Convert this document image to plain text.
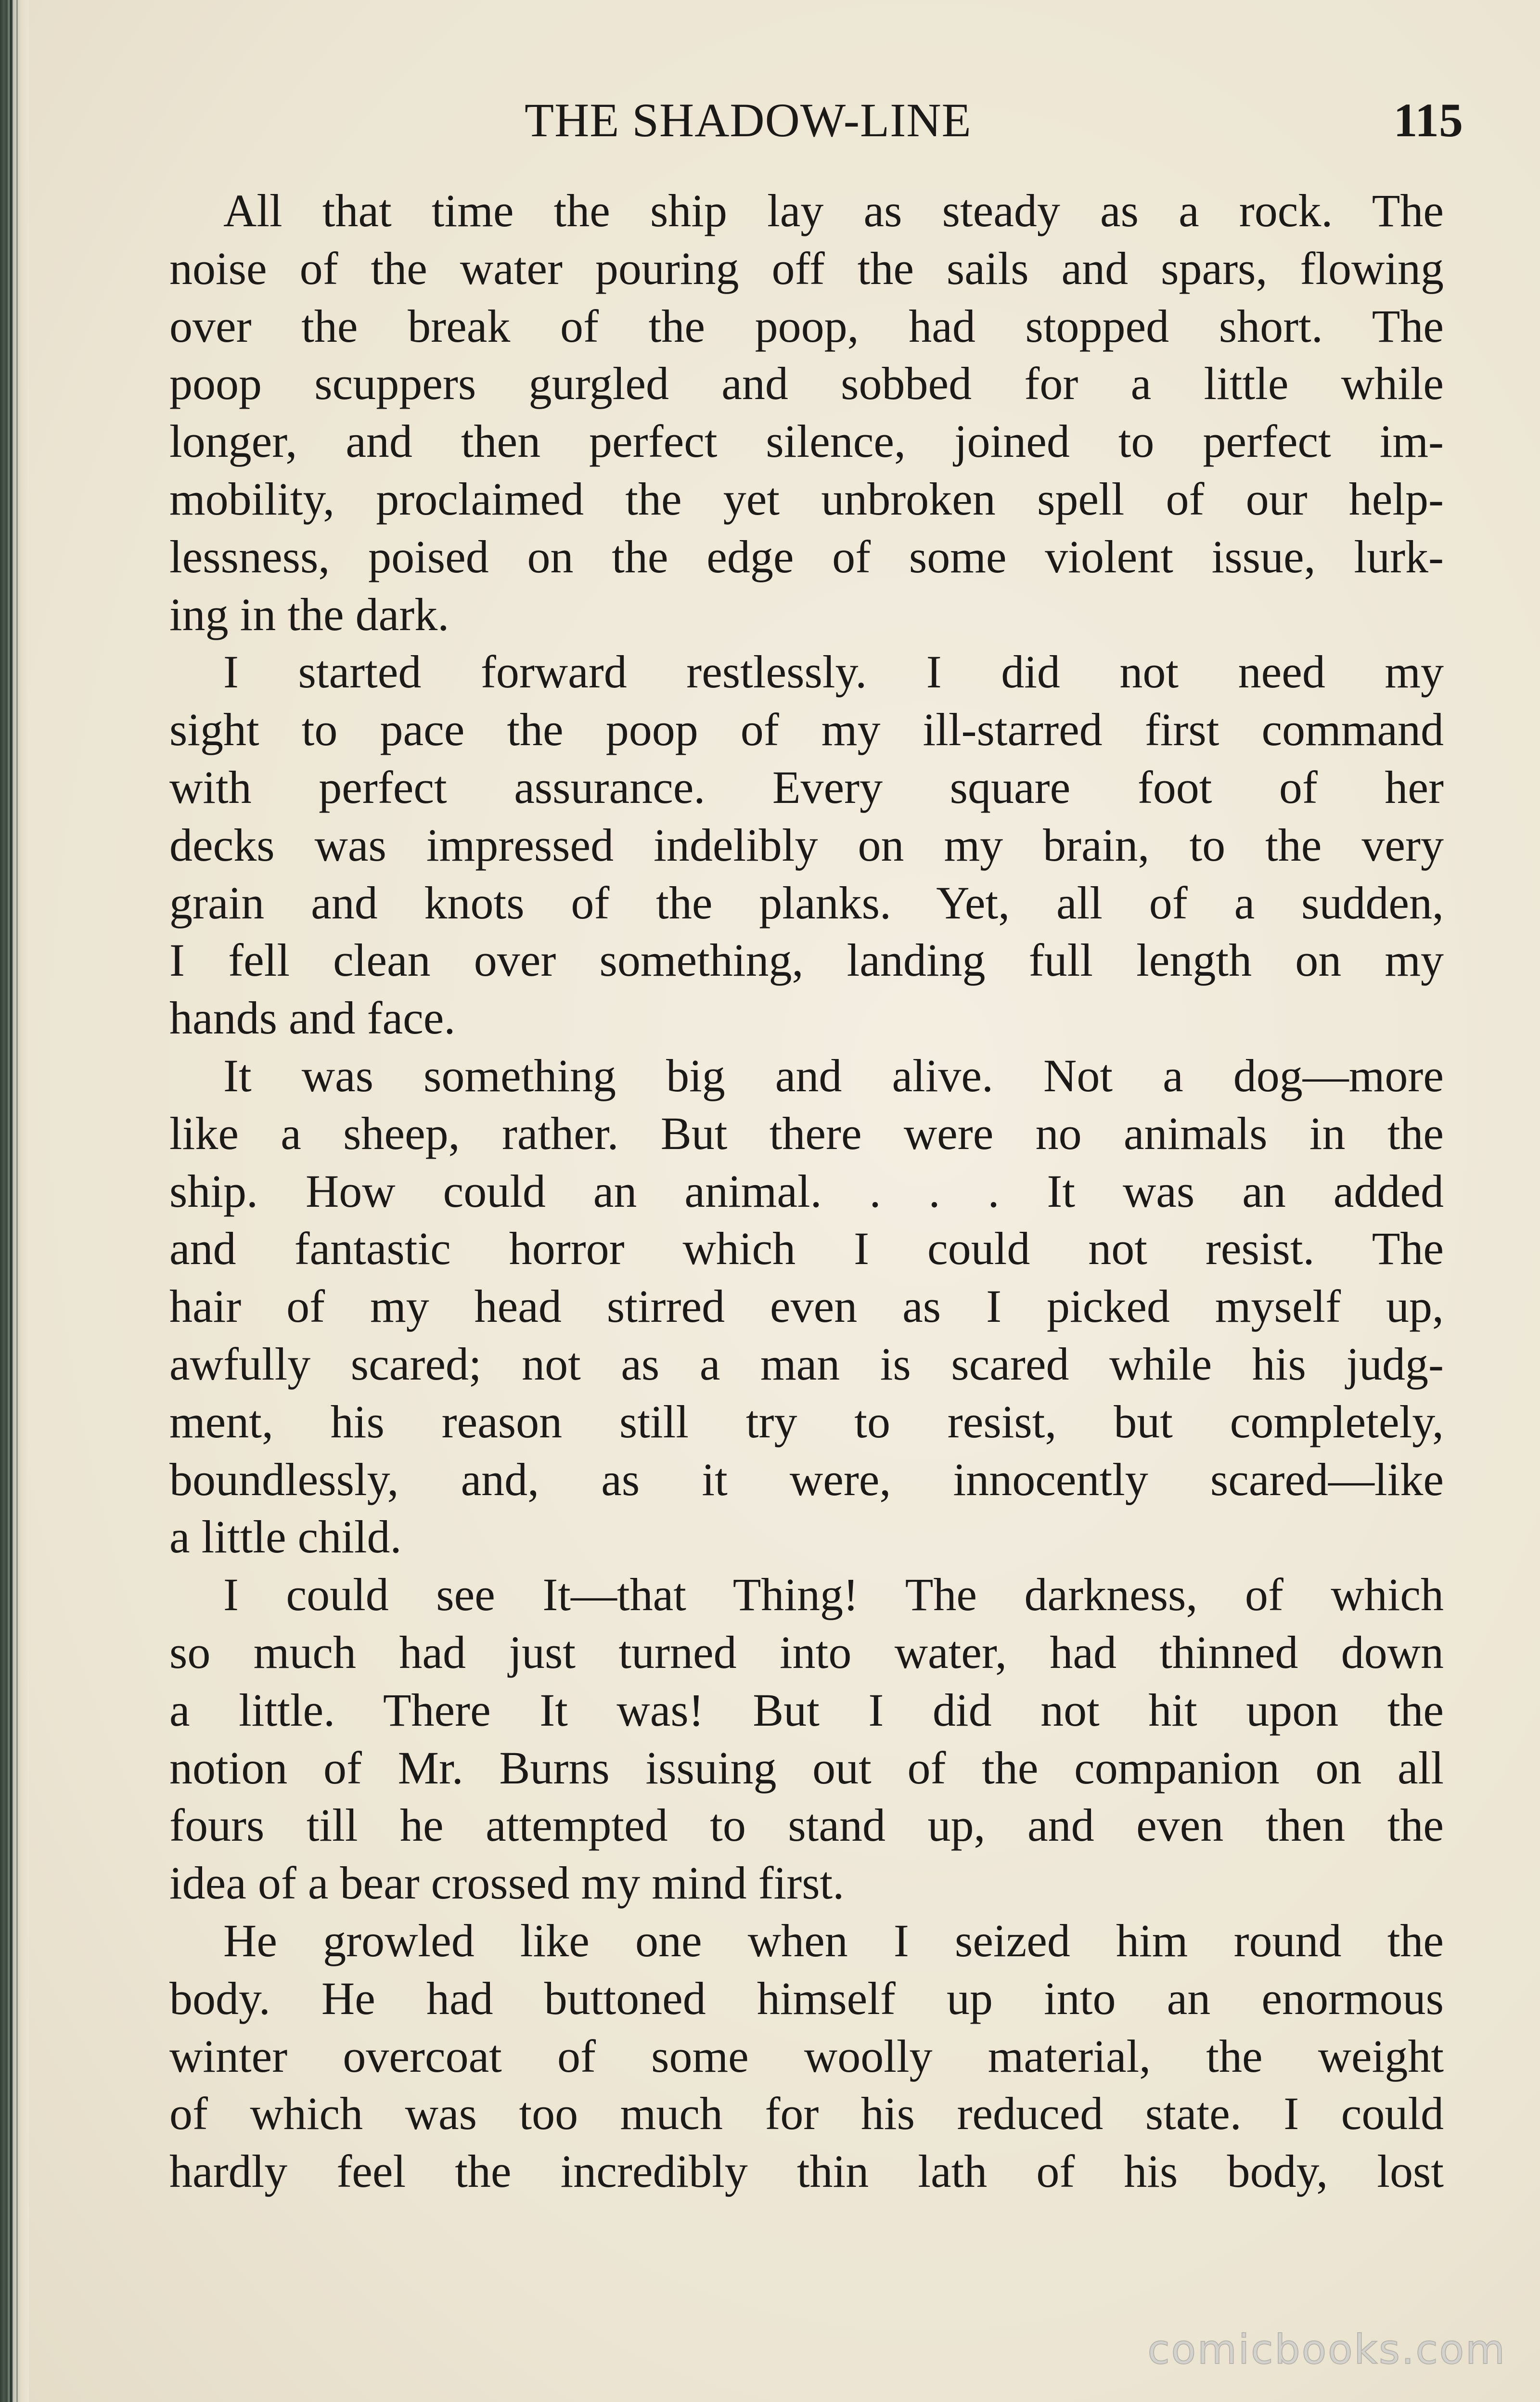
THE SHADOW-LINE	115
All that time the ship lay as steady as a rock. The
noise of the water pouring off the sails and spars, flowing
over the break of the poop, had stopped short. The
poop scuppers gurgled and sobbed for a little while
longer, and then perfect silence, joined to perfect im-
mobility, proclaimed the yet unbroken spell of our help-
lessness, poised on the edge of some violent issue, lurk-
ing in the dark.
I started forward restlessly. I did not need my
sight to pace the poop of my ill-starred first command
with perfect assurance. Every square foot of her
decks was impressed indelibly on my brain, to the very
grain and knots of the planks. Yet, all of a sudden,
I fell clean over something, landing full length on my
hands and face.
It was something big and alive. Not a dog—more
like a sheep, rather. But there were no animals in the
ship. How could an animal. . . . It was an added
and fantastic horror which I could not resist. The
hair of my head stirred even as I picked myself up,
awfully scared; not as a man is scared while his judg-
ment, his reason still try to resist, but completely,
boundlessly, and, as it were, innocently scared—like
a little child.
I could see It—that Thing! The darkness, of which
so much had just turned into water, had thinned down
a little. There It was! But I did not hit upon the
notion of Mr. Burns issuing out of the companion on all
fours till he attempted to stand up, and even then the
idea of a bear crossed my mind first.
He growled like one when I seized him round the
body. He had buttoned himself up into an enormous
winter overcoat of some woolly material, the weight
of which was too much for his reduced state. I could
hardly feel the incredibly thin lath of his body, lost
comicbooks.com
